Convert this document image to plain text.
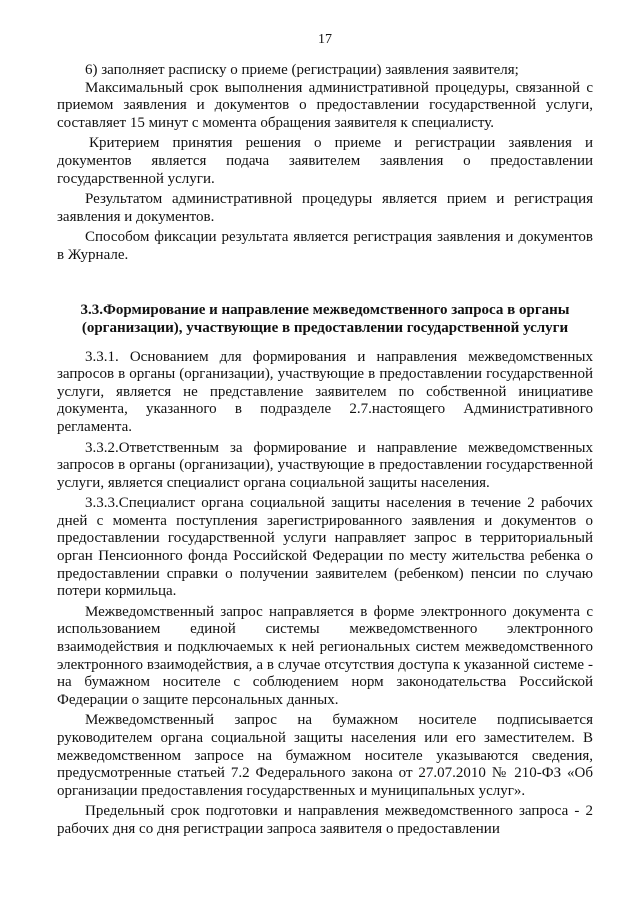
17

6) заполняет расписку о приеме (регистрации) заявления заявителя;

Максимальный срок выполнения административной процедуры, связанной с приемом заявления и документов о предоставлении государственной услуги, составляет 15 минут с момента обращения заявителя к специалисту.

Критерием принятия решения о приеме и регистрации заявления и документов является подача заявителем заявления о предоставлении государственной услуги.

Результатом административной процедуры является прием и регистрация заявления и документов.

Способом фиксации результата является регистрация заявления и документов в Журнале.

3.3.Формирование и направление межведомственного запроса в органы (организации), участвующие в предоставлении государственной услуги

3.3.1. Основанием для формирования и направления межведомственных запросов в органы (организации), участвующие в предоставлении государственной услуги, является не представление заявителем по собственной инициативе документа, указанного в подразделе 2.7.настоящего Административного регламента.

3.3.2.Ответственным за формирование и направление межведомственных запросов в органы (организации), участвующие в предоставлении государственной услуги, является специалист органа социальной защиты населения.

3.3.3.Специалист органа социальной защиты населения в течение 2 рабочих дней с момента поступления зарегистрированного заявления и документов о предоставлении государственной услуги направляет запрос в территориальный орган Пенсионного фонда Российской Федерации по месту жительства ребенка о предоставлении справки о получении заявителем (ребенком) пенсии по случаю потери кормильца.

Межведомственный запрос направляется в форме электронного документа с использованием единой системы межведомственного электронного взаимодействия и подключаемых к ней региональных систем межведомственного электронного взаимодействия, а в случае отсутствия доступа к указанной системе - на бумажном носителе с соблюдением норм законодательства Российской Федерации о защите персональных данных.

Межведомственный запрос на бумажном носителе подписывается руководителем органа социальной защиты населения или его заместителем. В межведомственном запросе на бумажном носителе указываются сведения, предусмотренные статьей 7.2 Федерального закона от 27.07.2010 № 210-ФЗ «Об организации предоставления государственных и муниципальных услуг».

Предельный срок подготовки и направления межведомственного запроса - 2 рабочих дня со дня регистрации запроса заявителя о предоставлении
